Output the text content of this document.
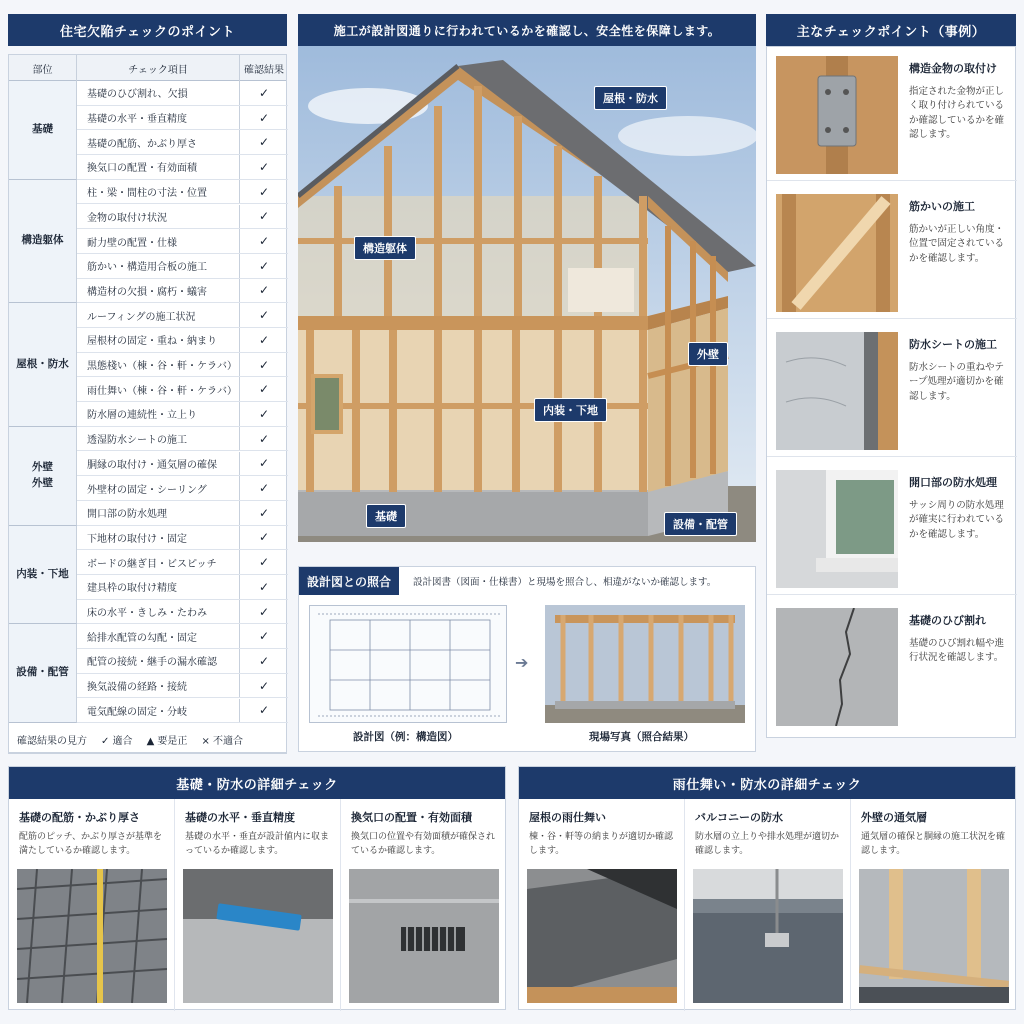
住宅欠陥チェックのポイント
部位	チェック項目	確認結果
基礎
基礎のひび割れ、欠損	✓
基礎の水平・垂直精度	✓
基礎の配筋、かぶり厚さ	✓
換気口の配置・有効面積	✓
構造躯体
柱・梁・間柱の寸法・位置	✓
金物の取付け状況	✓
耐力壁の配置・仕様	✓
筋かい・構造用合板の施工	✓
構造材の欠損・腐朽・蟻害	✓
屋根・防水
ルーフィングの施工状況	✓
屋根材の固定・重ね・納まり	✓
黒態棧い（棟・谷・軒・ケラバ）	✓
雨仕舞い（棟・谷・軒・ケラバ）	✓
防水層の連続性・立上り	✓
外壁
外壁
透湿防水シートの施工	✓
胴縁の取付け・通気層の確保	✓
外壁材の固定・シーリング	✓
開口部の防水処理	✓
内装・下地
下地材の取付け・固定	✓
ボードの継ぎ目・ビスピッチ	✓
建具枠の取付け精度	✓
床の水平・きしみ・たわみ	✓
設備・配管
給排水配管の勾配・固定	✓
配管の接続・継手の漏水確認	✓
換気設備の経路・接続	✓
電気配線の固定・分岐	✓
確認結果の見方 ✓ 適合 ▲ 要是正 × 不適合
施工が設計図通りに行われているかを確認し、安全性を保障します。
屋根・防水
構造躯体
外壁
内装・下地
基礎
設備・配管
設計図との照合	設計図書（図面・仕様書）と現場を照合し、相違がないか確認します。
➔
設計図（例：構造図）	現場写真（照合結果）
主なチェックポイント（事例）
構造金物の取付け
指定された金物が正しく取り付けられているか確認しているかを確認します。
筋かいの施工
筋かいが正しい角度・位置で固定されているかを確認します。
防水シートの施工
防水シートの重ねやテープ処理が適切かを確認します。
開口部の防水処理
サッシ周りの防水処理が確実に行われているかを確認します。
基礎のひび割れ
基礎のひび割れ幅や進行状況を確認します。
基礎・防水の詳細チェック
基礎の配筋・かぶり厚さ
配筋のピッチ、かぶり厚さが基準を満たしているか確認します。
基礎の水平・垂直精度
基礎の水平・垂直が設計値内に収まっているか確認します。
換気口の配置・有効面積
換気口の位置や有効面積が確保されているか確認します。
雨仕舞い・防水の詳細チェック
屋根の雨仕舞い
棟・谷・軒等の納まりが適切か確認します。
バルコニーの防水
防水層の立上りや排水処理が適切か確認します。
外壁の通気層
通気層の確保と胴縁の施工状況を確認します。
